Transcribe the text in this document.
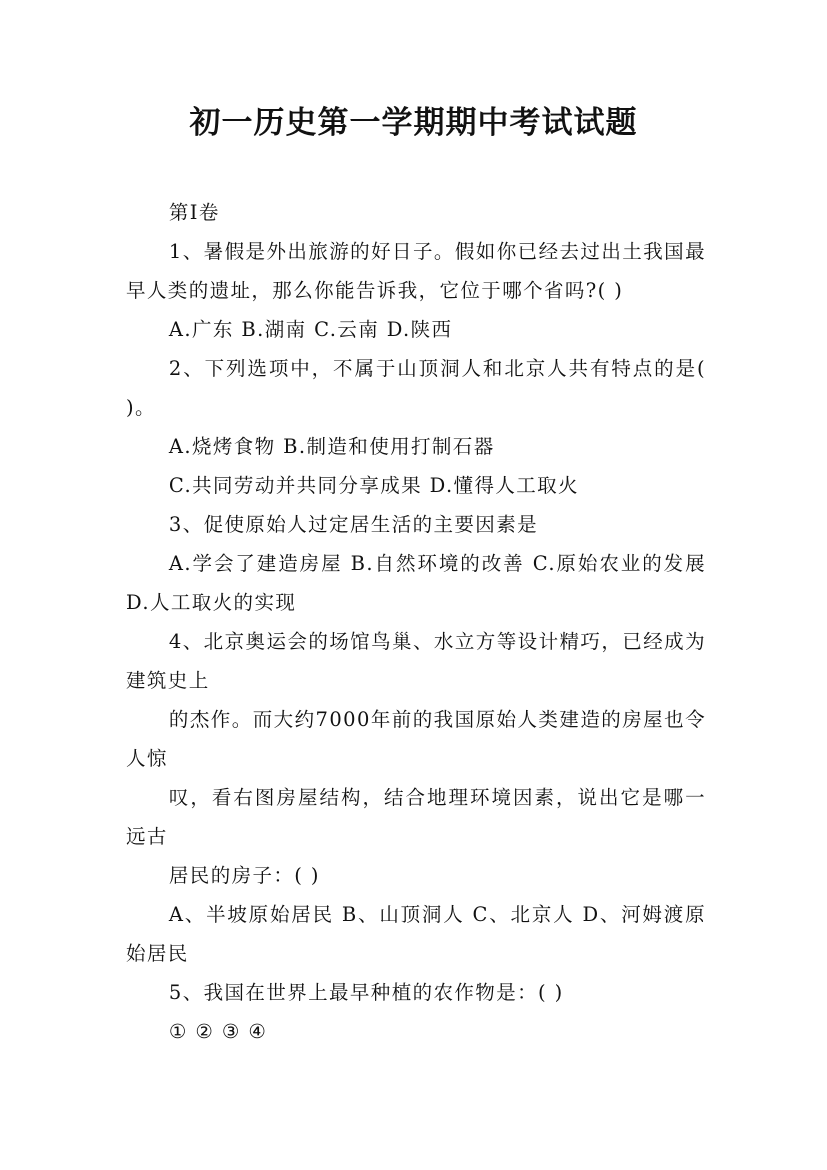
初一历史第一学期期中考试试题

第Ⅰ卷

1、暑假是外出旅游的好日子。假如你已经去过出土我国最早人类的遗址，那么你能告诉我，它位于哪个省吗?( )

A.广东 B.湖南 C.云南 D.陕西

2、下列选项中，不属于山顶洞人和北京人共有特点的是( )。

A.烧烤食物 B.制造和使用打制石器

C.共同劳动并共同分享成果 D.懂得人工取火

3、促使原始人过定居生活的主要因素是

A.学会了建造房屋 B.自然环境的改善 C.原始农业的发展 D.人工取火的实现

4、北京奥运会的场馆鸟巢、水立方等设计精巧，已经成为建筑史上

的杰作。而大约7000年前的我国原始人类建造的房屋也令人惊

叹，看右图房屋结构，结合地理环境因素，说出它是哪一远古

居民的房子：( )

A、半坡原始居民 B、山顶洞人 C、北京人 D、河姆渡原始居民

5、我国在世界上最早种植的农作物是：( )

① ② ③ ④
